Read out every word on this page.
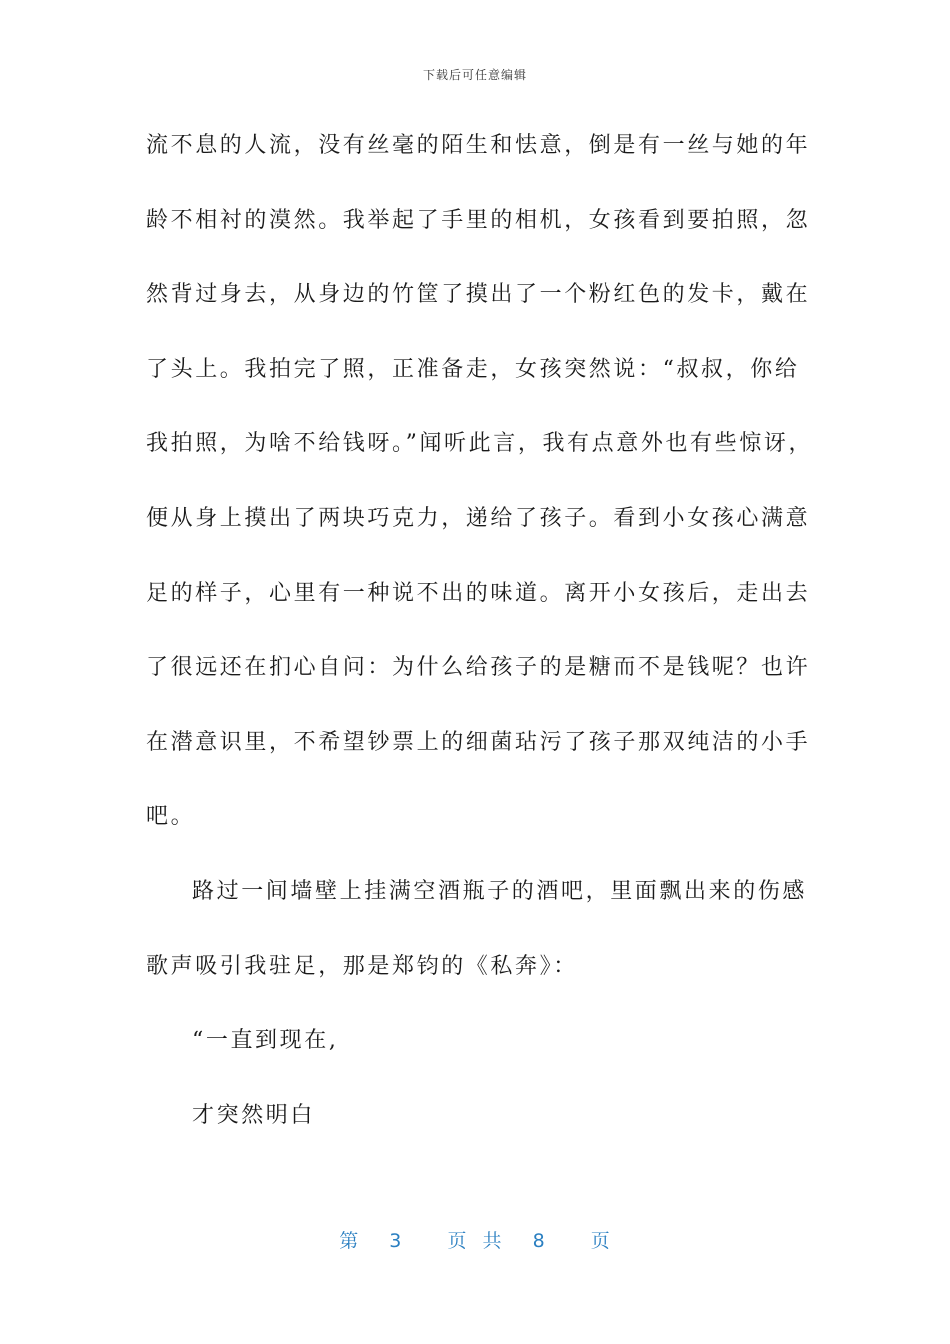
下载后可任意编辑
流不息的人流，没有丝毫的陌生和怯意，倒是有一丝与她的年
龄不相衬的漠然。我举起了手里的相机，女孩看到要拍照，忽
然背过身去，从身边的竹筐了摸出了一个粉红色的发卡，戴在
了头上。我拍完了照，正准备走，女孩突然说：“叔叔，你给
我拍照，为啥不给钱呀。”闻听此言，我有点意外也有些惊讶，
便从身上摸出了两块巧克力，递给了孩子。看到小女孩心满意
足的样子，心里有一种说不出的味道。离开小女孩后，走出去
了很远还在扪心自问：为什么给孩子的是糖而不是钱呢？也许
在潜意识里，不希望钞票上的细菌玷污了孩子那双纯洁的小手
吧。
路过一间墙壁上挂满空酒瓶子的酒吧，里面飘出来的伤感
歌声吸引我驻足，那是郑钧的《私奔》：
“一直到现在,
才突然明白
第  3   页 共  8   页
